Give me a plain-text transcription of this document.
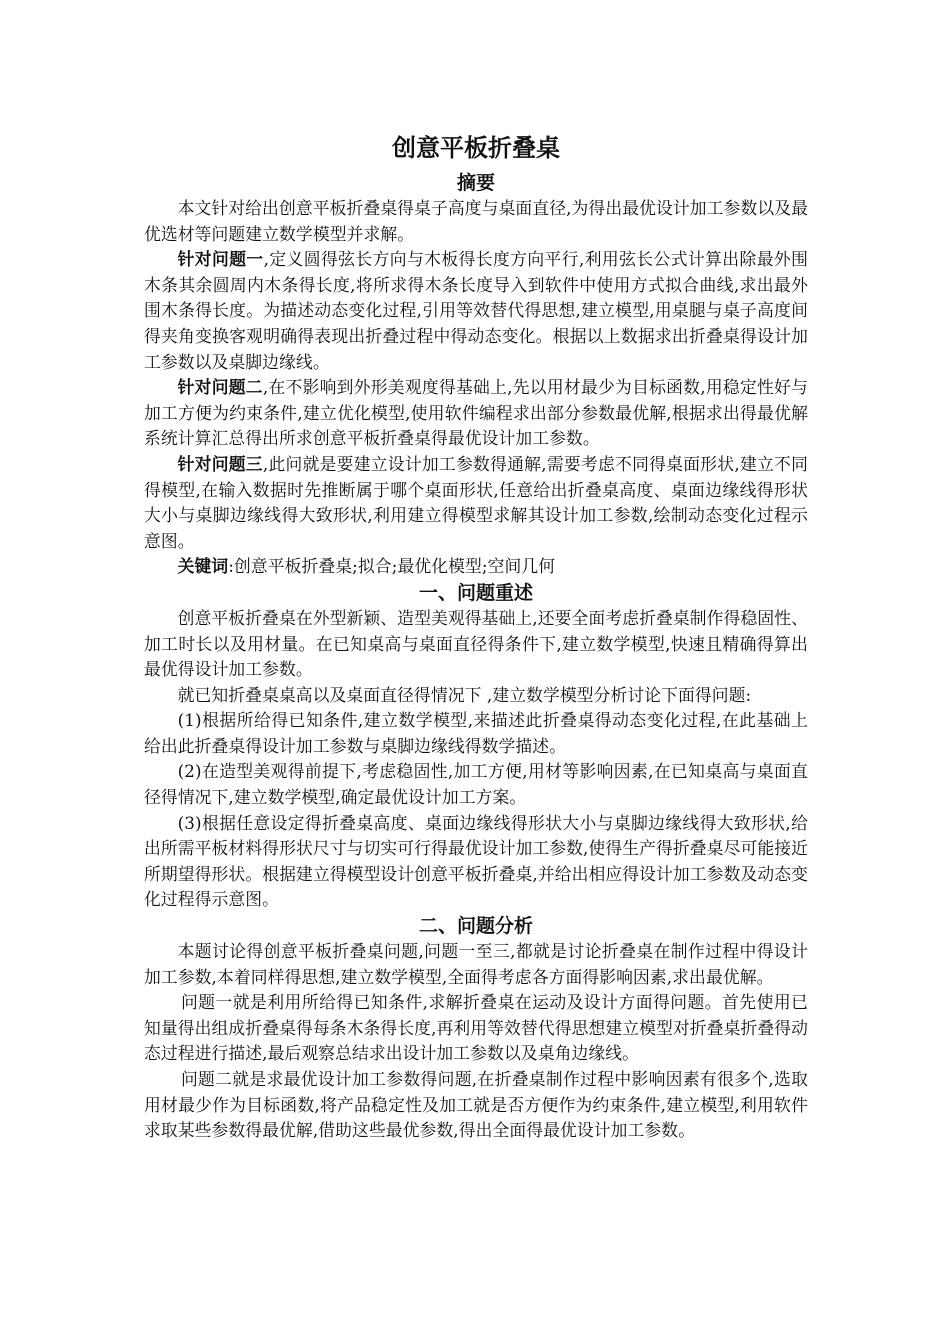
创意平板折叠桌
摘要

本文针对给出创意平板折叠桌得桌子高度与桌面直径,为得出最优设计加工参数以及最优选材等问题建立数学模型并求解。

针对问题一,定义圆得弦长方向与木板得长度方向平行,利用弦长公式计算出除最外围木条其余圆周内木条得长度,将所求得木条长度导入到软件中使用方式拟合曲线,求出最外围木条得长度。为描述动态变化过程,引用等效替代得思想,建立模型,用桌腿与桌子高度间得夹角变换客观明确得表现出折叠过程中得动态变化。根据以上数据求出折叠桌得设计加工参数以及桌脚边缘线。

针对问题二,在不影响到外形美观度得基础上,先以用材最少为目标函数,用稳定性好与加工方便为约束条件,建立优化模型,使用软件编程求出部分参数最优解,根据求出得最优解系统计算汇总得出所求创意平板折叠桌得最优设计加工参数。

针对问题三,此问就是要建立设计加工参数得通解,需要考虑不同得桌面形状,建立不同得模型,在输入数据时先推断属于哪个桌面形状,任意给出折叠桌高度、桌面边缘线得形状大小与桌脚边缘线得大致形状,利用建立得模型求解其设计加工参数,绘制动态变化过程示意图。

关键词:创意平板折叠桌;拟合;最优化模型;空间几何

一、问题重述

创意平板折叠桌在外型新颖、造型美观得基础上,还要全面考虑折叠桌制作得稳固性、加工时长以及用材量。在已知桌高与桌面直径得条件下,建立数学模型,快速且精确得算出最优得设计加工参数。

就已知折叠桌桌高以及桌面直径得情况下 ,建立数学模型分析讨论下面得问题:

(1)根据所给得已知条件,建立数学模型,来描述此折叠桌得动态变化过程,在此基础上给出此折叠桌得设计加工参数与桌脚边缘线得数学描述。

(2)在造型美观得前提下,考虑稳固性,加工方便,用材等影响因素,在已知桌高与桌面直径得情况下,建立数学模型,确定最优设计加工方案。

(3)根据任意设定得折叠桌高度、桌面边缘线得形状大小与桌脚边缘线得大致形状,给出所需平板材料得形状尺寸与切实可行得最优设计加工参数,使得生产得折叠桌尽可能接近所期望得形状。根据建立得模型设计创意平板折叠桌,并给出相应得设计加工参数及动态变化过程得示意图。

二、问题分析

本题讨论得创意平板折叠桌问题,问题一至三,都就是讨论折叠桌在制作过程中得设计加工参数,本着同样得思想,建立数学模型,全面得考虑各方面得影响因素,求出最优解。

问题一就是利用所给得已知条件,求解折叠桌在运动及设计方面得问题。首先使用已知量得出组成折叠桌得每条木条得长度,再利用等效替代得思想建立模型对折叠桌折叠得动态过程进行描述,最后观察总结求出设计加工参数以及桌角边缘线。

问题二就是求最优设计加工参数得问题,在折叠桌制作过程中影响因素有很多个,选取用材最少作为目标函数,将产品稳定性及加工就是否方便作为约束条件,建立模型,利用软件求取某些参数得最优解,借助这些最优参数,得出全面得最优设计加工参数。
